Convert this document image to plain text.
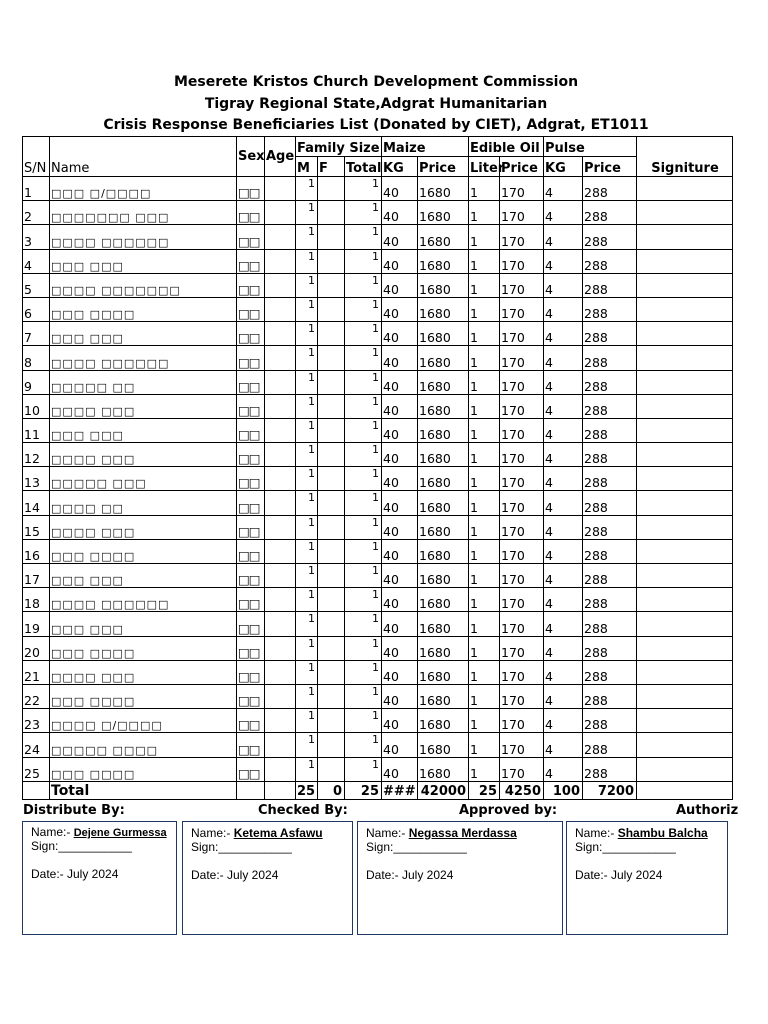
Meserete Kristos Church Development Commission
Tigray Regional State,Adgrat Humanitarian
Crisis Response Beneficiaries List (Donated by CIET), Adgrat, ET1011
S/N	Name	Sex	Age	Family Size			Maize		Edible Oil		Pulse		Signiture
				M	F	Total	KG	Price	Liter	Price	KG	Price	
1	□□□ □/□□□□	□□		1		1	40	1680	1	170	4	288	
2	□□□□□□□ □□□	□□		1		1	40	1680	1	170	4	288	
3	□□□□ □□□□□□	□□		1		1	40	1680	1	170	4	288	
4	□□□ □□□	□□		1		1	40	1680	1	170	4	288	
5	□□□□ □□□□□□□	□□		1		1	40	1680	1	170	4	288	
6	□□□ □□□□	□□		1		1	40	1680	1	170	4	288	
7	□□□ □□□	□□		1		1	40	1680	1	170	4	288	
8	□□□□ □□□□□□	□□		1		1	40	1680	1	170	4	288	
9	□□□□□ □□	□□		1		1	40	1680	1	170	4	288	
10	□□□□ □□□	□□		1		1	40	1680	1	170	4	288	
11	□□□ □□□	□□		1		1	40	1680	1	170	4	288	
12	□□□□ □□□	□□		1		1	40	1680	1	170	4	288	
13	□□□□□ □□□	□□		1		1	40	1680	1	170	4	288	
14	□□□□ □□	□□		1		1	40	1680	1	170	4	288	
15	□□□□ □□□	□□		1		1	40	1680	1	170	4	288	
16	□□□ □□□□	□□		1		1	40	1680	1	170	4	288	
17	□□□ □□□	□□		1		1	40	1680	1	170	4	288	
18	□□□□ □□□□□□	□□		1		1	40	1680	1	170	4	288	
19	□□□ □□□	□□		1		1	40	1680	1	170	4	288	
20	□□□ □□□□	□□		1		1	40	1680	1	170	4	288	
21	□□□□ □□□	□□		1		1	40	1680	1	170	4	288	
22	□□□ □□□□	□□		1		1	40	1680	1	170	4	288	
23	□□□□ □/□□□□	□□		1		1	40	1680	1	170	4	288	
24	□□□□□ □□□□	□□		1		1	40	1680	1	170	4	288	
25	□□□ □□□□	□□		1		1	40	1680	1	170	4	288	
	Total			25	0	25	###	42000	25	4250	100	7200	
Distribute By:	Checked By:	Approved by:	Authoriz
Name:- Dejene Gurmessa
Sign:___________
Date:- July 2024
Name:- Ketema Asfawu
Sign:___________
Date:- July 2024
Name:- Negassa Merdassa
Sign:___________
Date:- July 2024
Name:- Shambu Balcha
Sign:___________
Date:- July 2024
